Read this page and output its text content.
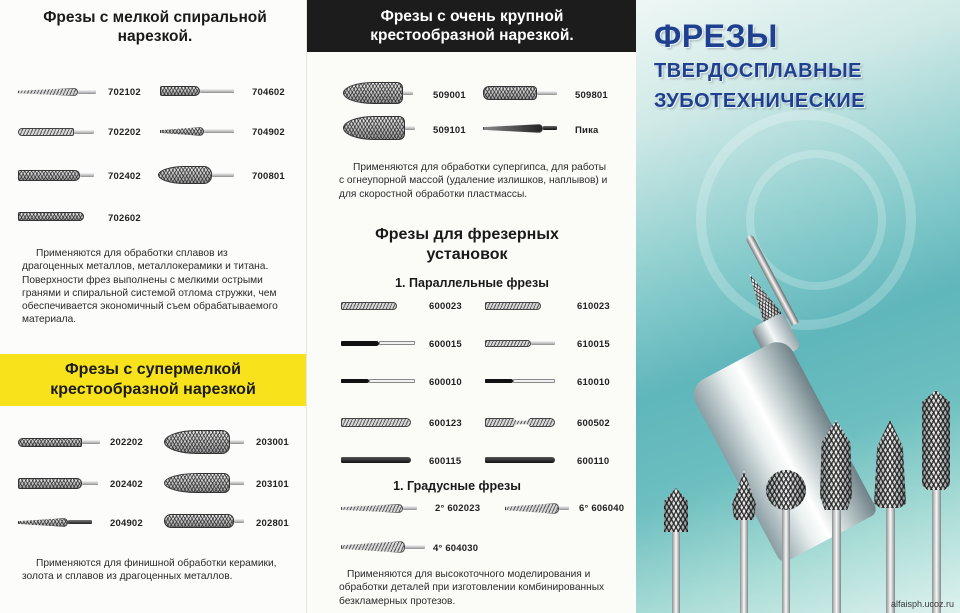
Фрезы с мелкой спиральной нарезкой.
702102	704602
702202	704902
702402	700801
702602
Применяются для обработки сплавов из драгоценных металлов, металлокерамики и титана. Поверхности фрез выполнены с мелкими острыми гранями и спиральной системой отлома стружки, чем обеспечивается экономичный съем обрабатываемого материала.
Фрезы с супермелкой крестообразной нарезкой
202202	203001
202402	203101
204902	202801
Применяются для финишной обработки керамики, золота и сплавов из драгоценных металлов.
Фрезы с очень крупной крестообразной нарезкой.
509001	509801
509101	Пика
Применяются для обработки супергипса, для работы с огнеупорной массой (удаление излишков, наплывов) и для скоростной обработки пластмассы.
Фрезы для фрезерных установок
1. Параллельные фрезы
600023	610023
600015	610015
600010	610010
600123	600502
600115	600110
1. Градусные фрезы
2° 602023	6° 606040
4° 604030
Применяются для высокоточного моделирования и обработки деталей при изготовлении комбинированных безкламерных протезов.
ФРЕЗЫ
ТВЕРДОСПЛАВНЫЕ
ЗУБОТЕХНИЧЕСКИЕ
alfaisph.ucoz.ru
